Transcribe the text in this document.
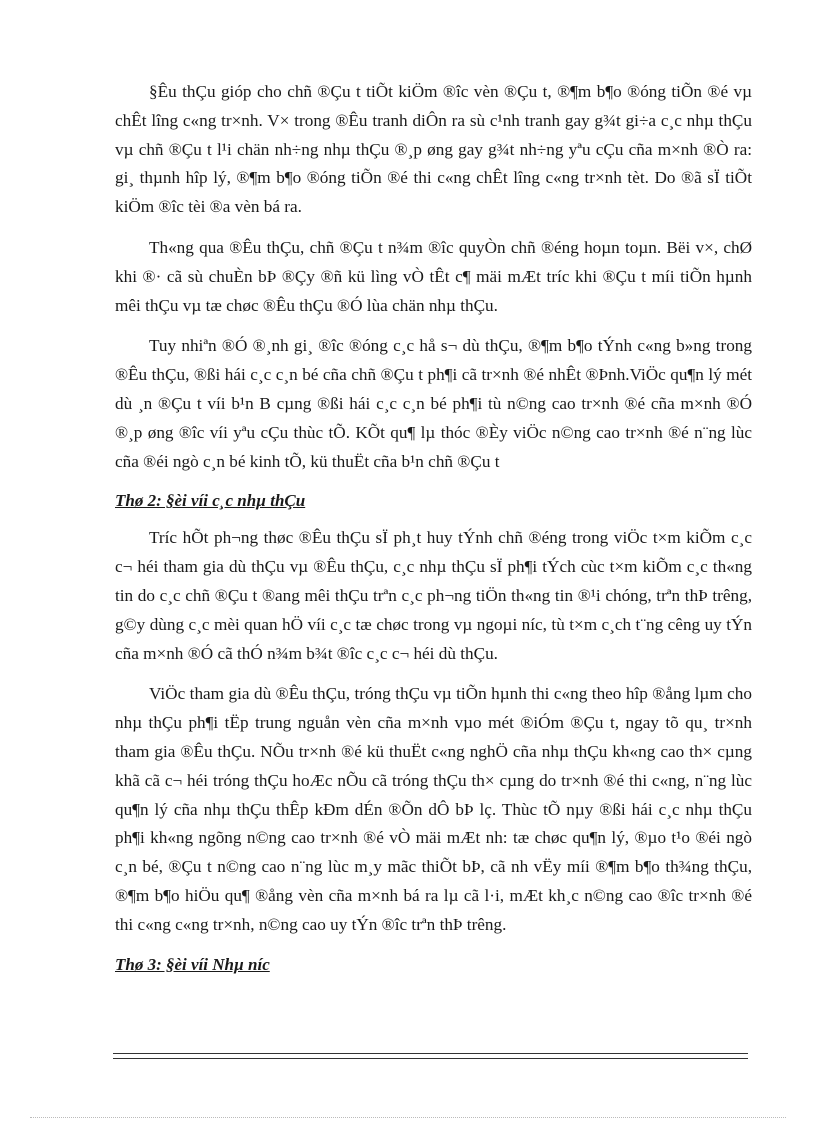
§Êu thÇu gióp cho chñ ®Çu t tiÕt kiÖm ®îc vèn ®Çu t, ®¶m b¶o ®óng tiÕn ®é vµ chÊt lîng c«ng tr×nh. V× trong ®Êu tranh diÔn ra sù c¹nh tranh gay g¾t gi÷a c¸c nhµ thÇu vµ chñ ®Çu t l¹i chän nh÷ng nhµ thÇu ®¸p øng gay g¾t nh÷ng yªu cÇu cña m×nh ®Ò ra: gi¸ thµnh hîp lý, ®¶m b¶o ®óng tiÕn ®é thi c«ng chÊt lîng c«ng tr×nh tèt. Do ®ã sÏ tiÕt kiÖm ®îc tèi ®a vèn bá ra.

Th«ng qua ®Êu thÇu, chñ ®Çu t n¾m ®îc quyÒn chñ ®éng hoµn toµn. Bëi v×, chØ khi ®· cã sù chuÈn bÞ ®Çy ®ñ kü lìng vÒ tÊt c¶ mäi mÆt tríc khi ®Çu t míi tiÕn hµnh mêi thÇu vµ tæ chøc ®Êu thÇu ®Ó lùa chän nhµ thÇu.

Tuy nhiªn ®Ó ®¸nh gi¸ ®îc ®óng c¸c hå s¬ dù thÇu, ®¶m b¶o tÝnh c«ng b»ng trong ®Êu thÇu, ®ßi hái c¸c c¸n bé cña chñ ®Çu t ph¶i cã tr×nh ®é nhÊt ®Þnh.ViÖc qu¶n lý mét dù ¸n ®Çu t víi b¹n B cµng ®ßi hái c¸c c¸n bé ph¶i tù n©ng cao tr×nh ®é cña m×nh ®Ó ®¸p øng ®îc víi yªu cÇu thùc tÕ. KÕt qu¶ lµ thóc ®Èy viÖc n©ng cao tr×nh ®é n¨ng lùc cña ®éi ngò c¸n bé kinh tÕ, kü thuËt cña b¹n chñ ®Çu t

Thø 2: §èi víi c¸c nhµ thÇu

Tríc hÕt ph¬ng thøc ®Êu thÇu sÏ ph¸t huy tÝnh chñ ®éng trong viÖc t×m kiÕm c¸c c¬ héi tham gia dù thÇu vµ ®Êu thÇu, c¸c nhµ thÇu sÏ ph¶i tÝch cùc t×m kiÕm c¸c th«ng tin do c¸c chñ ®Çu t ®ang mêi thÇu trªn c¸c ph¬ng tiÖn th«ng tin ®¹i chóng, trªn thÞ trêng, g©y dùng c¸c mèi quan hÖ víi c¸c tæ chøc trong vµ ngoµi níc, tù t×m c¸ch t¨ng cêng uy tÝn cña m×nh ®Ó cã thÓ n¾m b¾t ®îc c¸c c¬ héi dù thÇu.

ViÖc tham gia dù ®Êu thÇu, tróng thÇu vµ tiÕn hµnh thi c«ng theo hîp ®ång lµm cho nhµ thÇu ph¶i tËp trung nguån vèn cña m×nh vµo mét ®iÓm ®Çu t, ngay tõ qu¸ tr×nh tham gia ®Êu thÇu. NÕu tr×nh ®é kü thuËt c«ng nghÖ cña nhµ thÇu kh«ng cao th× cµng khã cã c¬ héi tróng thÇu hoÆc nÕu cã tróng thÇu th× cµng do tr×nh ®é thi c«ng, n¨ng lùc qu¶n lý cña nhµ thÇu thÊp kÐm dÉn ®Õn dÔ bÞ lç. Thùc tÕ nµy ®ßi hái c¸c nhµ thÇu ph¶i kh«ng ngõng n©ng cao tr×nh ®é vÒ mäi mÆt nh: tæ chøc qu¶n lý, ®µo t¹o ®éi ngò c¸n bé, ®Çu t n©ng cao n¨ng lùc m¸y mãc thiÕt bÞ, cã nh vËy míi ®¶m b¶o th¾ng thÇu, ®¶m b¶o hiÖu qu¶ ®ång vèn cña m×nh bá ra lµ cã l·i, mÆt kh¸c n©ng cao ®îc tr×nh ®é thi c«ng c«ng tr×nh, n©ng cao uy tÝn ®îc trªn thÞ trêng.

Thø 3: §èi víi Nhµ níc
